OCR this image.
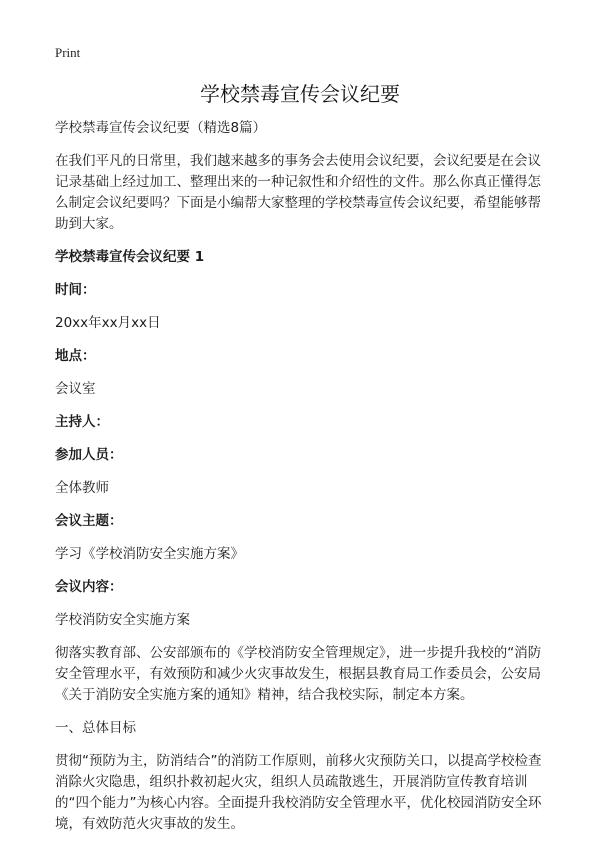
Print
学校禁毒宣传会议纪要

学校禁毒宣传会议纪要（精选8篇）

在我们平凡的日常里，我们越来越多的事务会去使用会议纪要，会议纪要是在会议记录基础上经过加工、整理出来的一种记叙性和介绍性的文件。那么你真正懂得怎么制定会议纪要吗？下面是小编帮大家整理的学校禁毒宣传会议纪要，希望能够帮助到大家。

学校禁毒宣传会议纪要 1

时间：

20xx年xx月xx日

地点：

会议室

主持人：

参加人员：

全体教师

会议主题：

学习《学校消防安全实施方案》

会议内容：

学校消防安全实施方案

彻落实教育部、公安部颁布的《学校消防安全管理规定》，进一步提升我校的“消防安全管理水平，有效预防和减少火灾事故发生，根据县教育局工作委员会，公安局《关于消防安全实施方案的通知》精神，结合我校实际，制定本方案。

一、总体目标

贯彻“预防为主，防消结合”的消防工作原则，前移火灾预防关口，以提高学校检查消除火灾隐患，组织扑救初起火灾，组织人员疏散逃生，开展消防宣传教育培训的“四个能力”为核心内容。全面提升我校消防安全管理水平，优化校园消防安全环境，有效防范火灾事故的发生。
